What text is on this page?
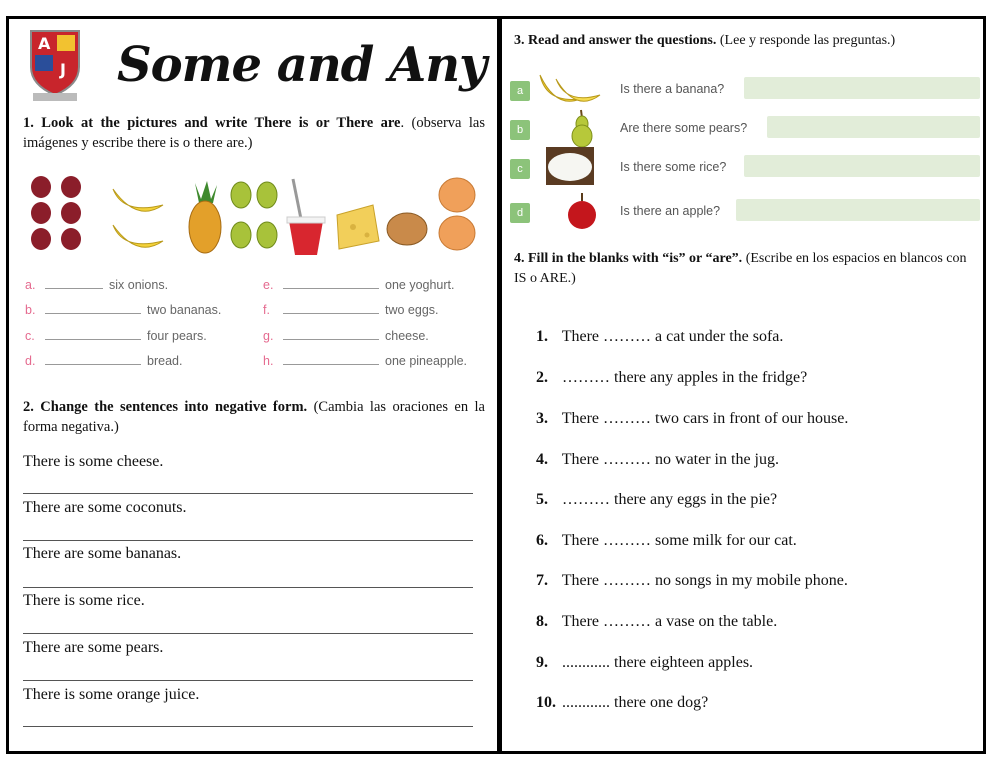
A
J Some and Any
1. Look at the pictures and write There is or There are. (observa las imágenes y escribe there is o there are.)
a.	six onions.
b.	two bananas.
c.	four pears.
d.	bread.
e.	one yoghurt.
f.	two eggs.
g.	cheese.
h.	one pineapple.
2. Change the sentences into negative form. (Cambia las oraciones en la forma negativa.)
There is some cheese.
There are some coconuts.
There are some bananas.
There is some rice.
There are some pears.
There is some orange juice.
3. Read and answer the questions. (Lee y responde las preguntas.)
a	Is there a banana?
b	Are there some pears?
c	Is there some rice?
d	Is there an apple?
4. Fill in the blanks with “is” or “are”. (Escribe en los espacios en blancos con IS o ARE.)
1. There ……… a cat under the sofa.
2. ……… there any apples in the fridge?
3. There ……… two cars in front of our house.
4. There ……… no water in the jug.
5. ……… there any eggs in the pie?
6. There ……… some milk for our cat.
7. There ……… no songs in my mobile phone.
8. There ……… a vase on the table.
9. ............ there eighteen apples.
10. ............ there one dog?
